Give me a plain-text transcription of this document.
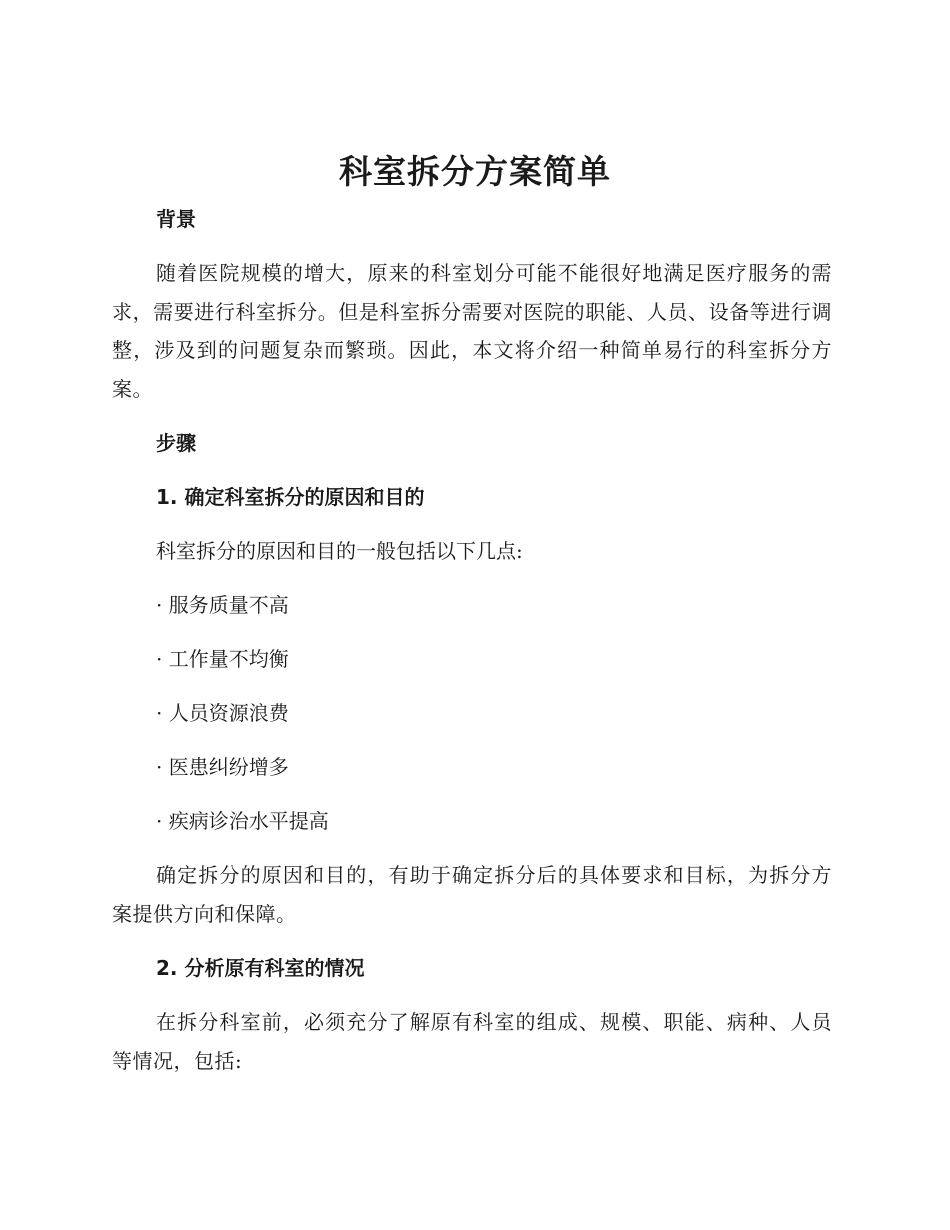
科室拆分方案简单

背景

随着医院规模的增大，原来的科室划分可能不能很好地满足医疗服务的需求，需要进行科室拆分。但是科室拆分需要对医院的职能、人员、设备等进行调整，涉及到的问题复杂而繁琐。因此，本文将介绍一种简单易行的科室拆分方案。

步骤

1. 确定科室拆分的原因和目的

科室拆分的原因和目的一般包括以下几点:

· 服务质量不高

· 工作量不均衡

· 人员资源浪费

· 医患纠纷增多

· 疾病诊治水平提高

确定拆分的原因和目的，有助于确定拆分后的具体要求和目标，为拆分方案提供方向和保障。

2. 分析原有科室的情况

在拆分科室前，必须充分了解原有科室的组成、规模、职能、病种、人员等情况，包括:
